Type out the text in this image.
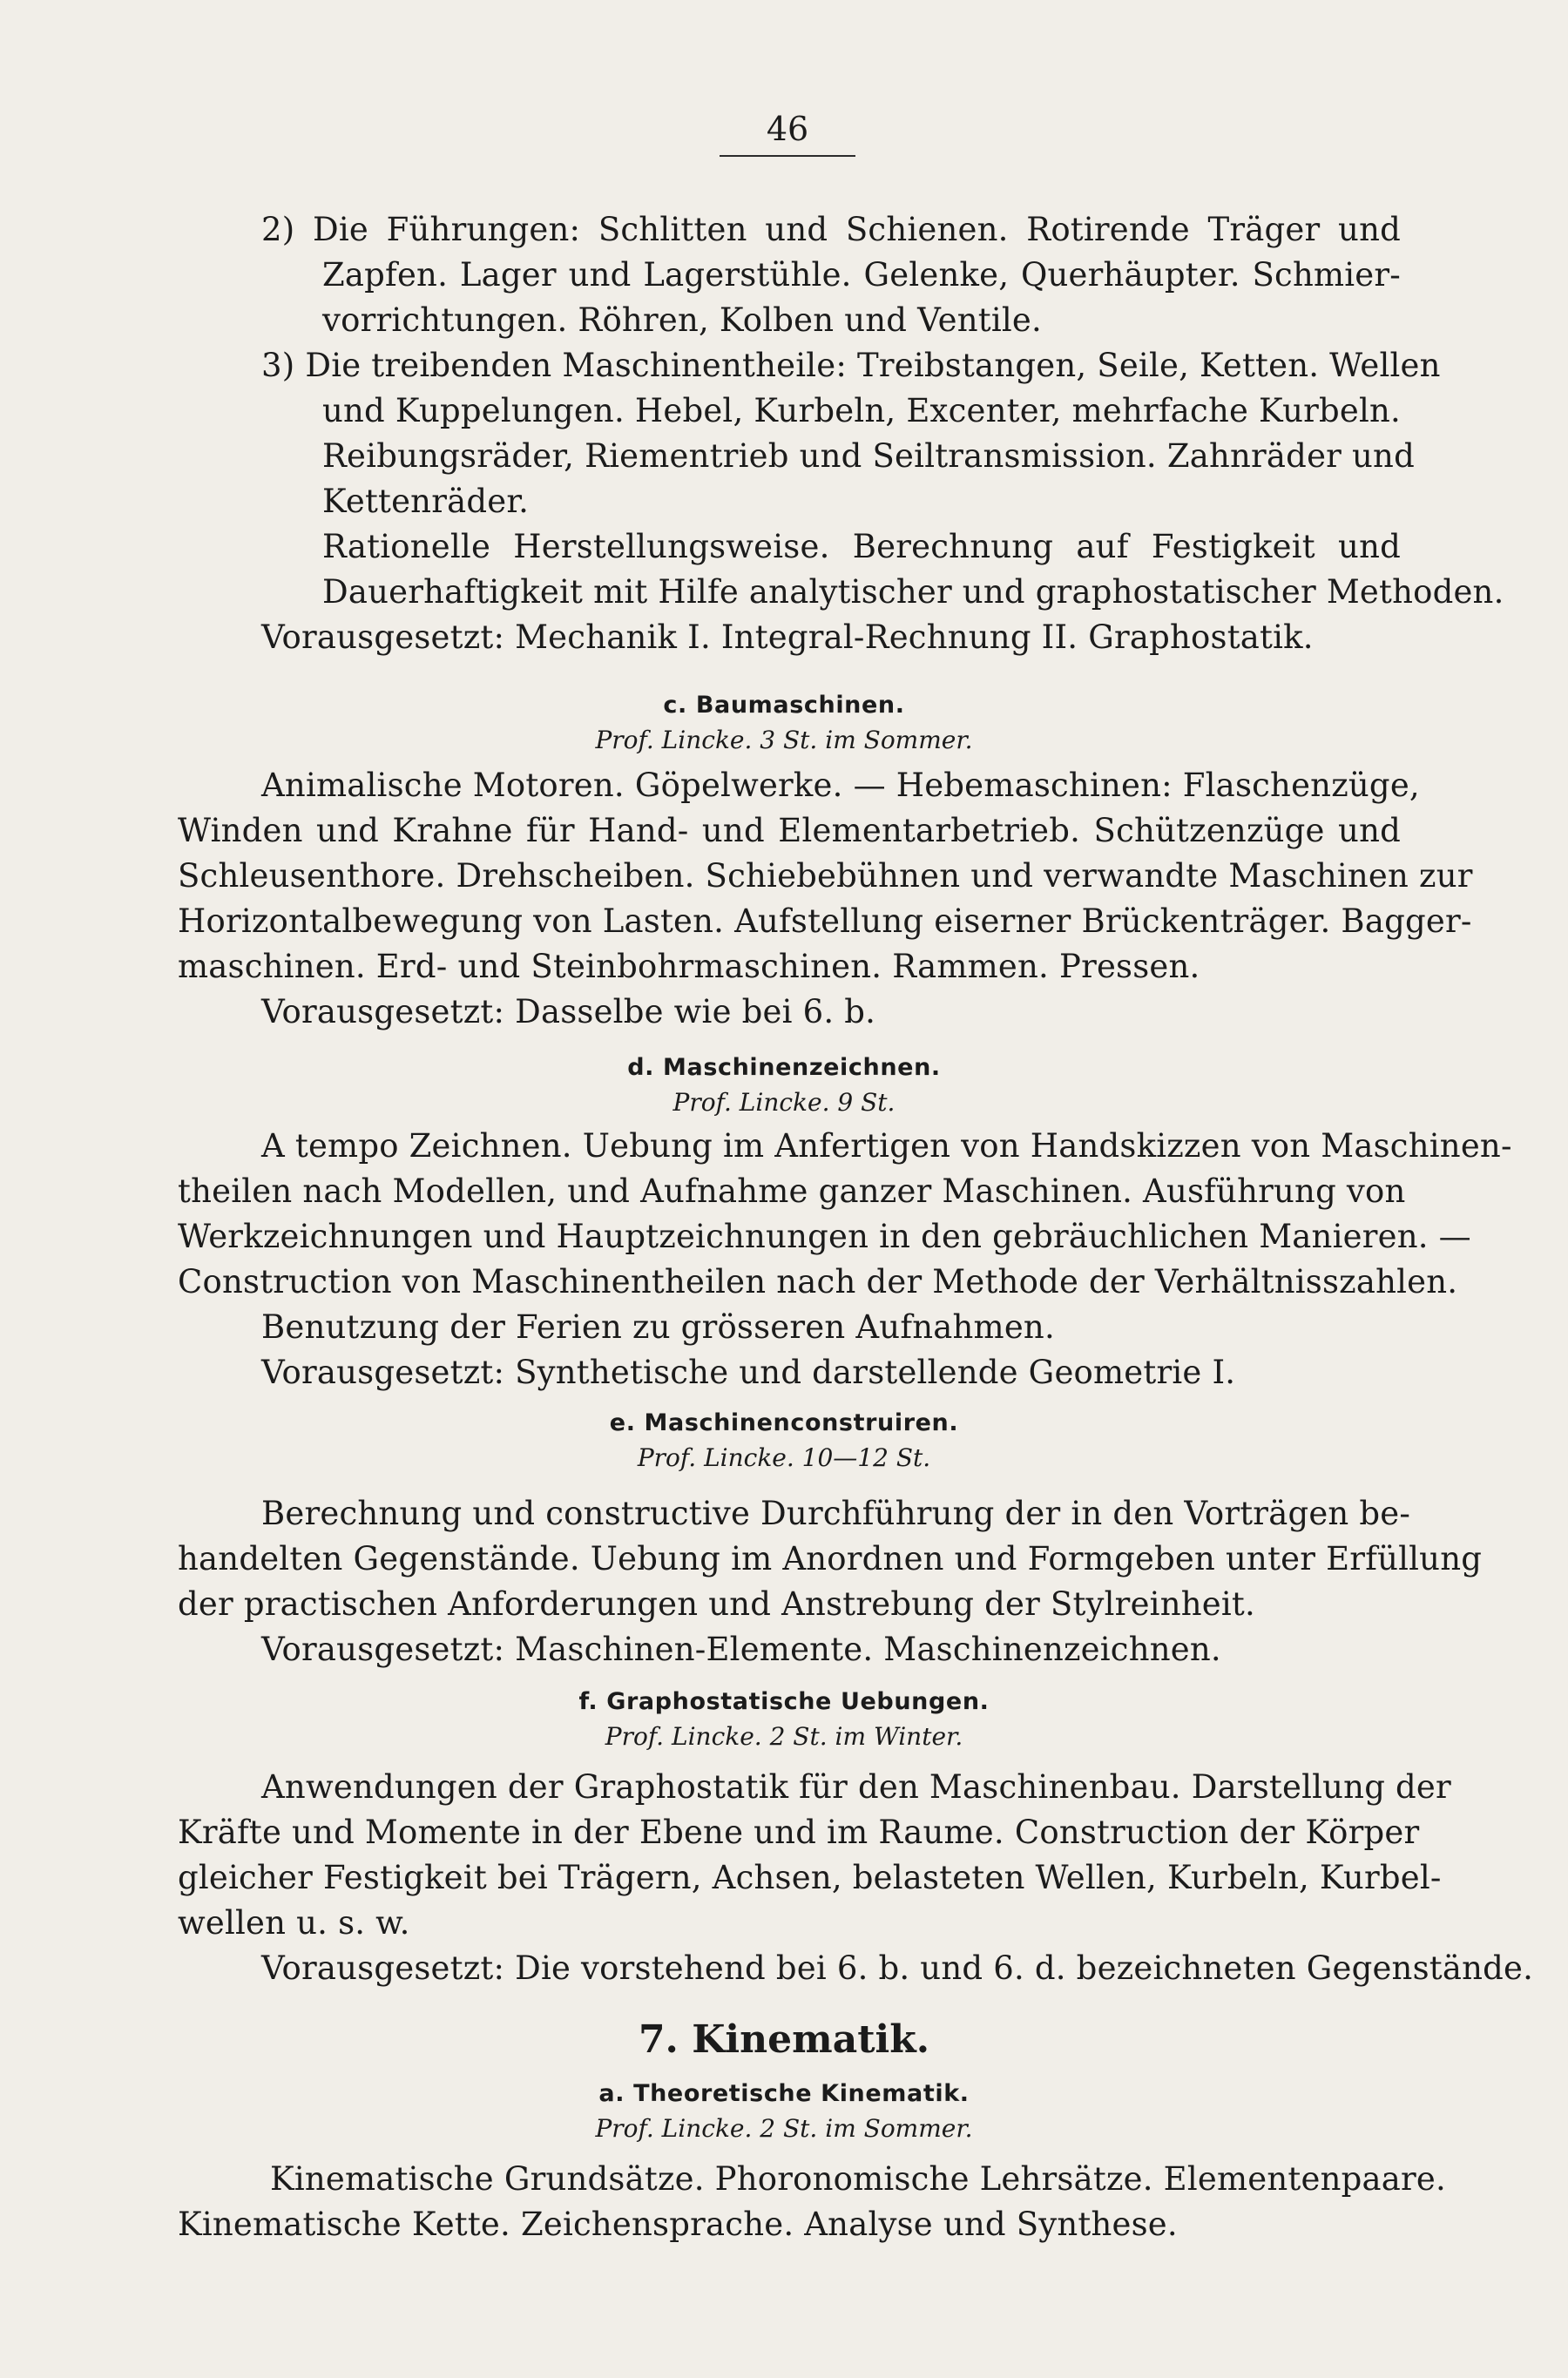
46

2) Die Führungen: Schlitten und Schienen. Rotirende Träger und

Zapfen. Lager und Lagerstühle. Gelenke, Querhäupter. Schmier-

vorrichtungen. Röhren, Kolben und Ventile.

3) Die treibenden Maschinentheile: Treibstangen, Seile, Ketten. Wellen

und Kuppelungen. Hebel, Kurbeln, Excenter, mehrfache Kurbeln.

Reibungsräder, Riementrieb und Seiltransmission. Zahnräder und

Kettenräder.

Rationelle Herstellungsweise. Berechnung auf Festigkeit und

Dauerhaftigkeit mit Hilfe analytischer und graphostatischer Methoden.

Vorausgesetzt: Mechanik I. Integral-Rechnung II. Graphostatik.

c. Baumaschinen.
Prof. Lincke. 3 St. im Sommer.

Animalische Motoren. Göpelwerke. — Hebemaschinen: Flaschenzüge,

Winden und Krahne für Hand- und Elementarbetrieb. Schützenzüge und

Schleusenthore. Drehscheiben. Schiebebühnen und verwandte Maschinen zur

Horizontalbewegung von Lasten. Aufstellung eiserner Brückenträger. Bagger-

maschinen. Erd- und Steinbohrmaschinen. Rammen. Pressen.

Vorausgesetzt: Dasselbe wie bei 6. b.

d. Maschinenzeichnen.
Prof. Lincke. 9 St.

A tempo Zeichnen. Uebung im Anfertigen von Handskizzen von Maschinen-

theilen nach Modellen, und Aufnahme ganzer Maschinen. Ausführung von

Werkzeichnungen und Hauptzeichnungen in den gebräuchlichen Manieren. —

Construction von Maschinentheilen nach der Methode der Verhältnisszahlen.

Benutzung der Ferien zu grösseren Aufnahmen.

Vorausgesetzt: Synthetische und darstellende Geometrie I.

e. Maschinenconstruiren.
Prof. Lincke. 10—12 St.

Berechnung und constructive Durchführung der in den Vorträgen be-

handelten Gegenstände. Uebung im Anordnen und Formgeben unter Erfüllung

der practischen Anforderungen und Anstrebung der Stylreinheit.

Vorausgesetzt: Maschinen-Elemente. Maschinenzeichnen.

f. Graphostatische Uebungen.
Prof. Lincke. 2 St. im Winter.

Anwendungen der Graphostatik für den Maschinenbau. Darstellung der

Kräfte und Momente in der Ebene und im Raume. Construction der Körper

gleicher Festigkeit bei Trägern, Achsen, belasteten Wellen, Kurbeln, Kurbel-

wellen u. s. w.

Vorausgesetzt: Die vorstehend bei 6. b. und 6. d. bezeichneten Gegenstände.

7. Kinematik.
a. Theoretische Kinematik.
Prof. Lincke. 2 St. im Sommer.

Kinematische Grundsätze. Phoronomische Lehrsätze. Elementenpaare.

Kinematische Kette. Zeichensprache. Analyse und Synthese.
